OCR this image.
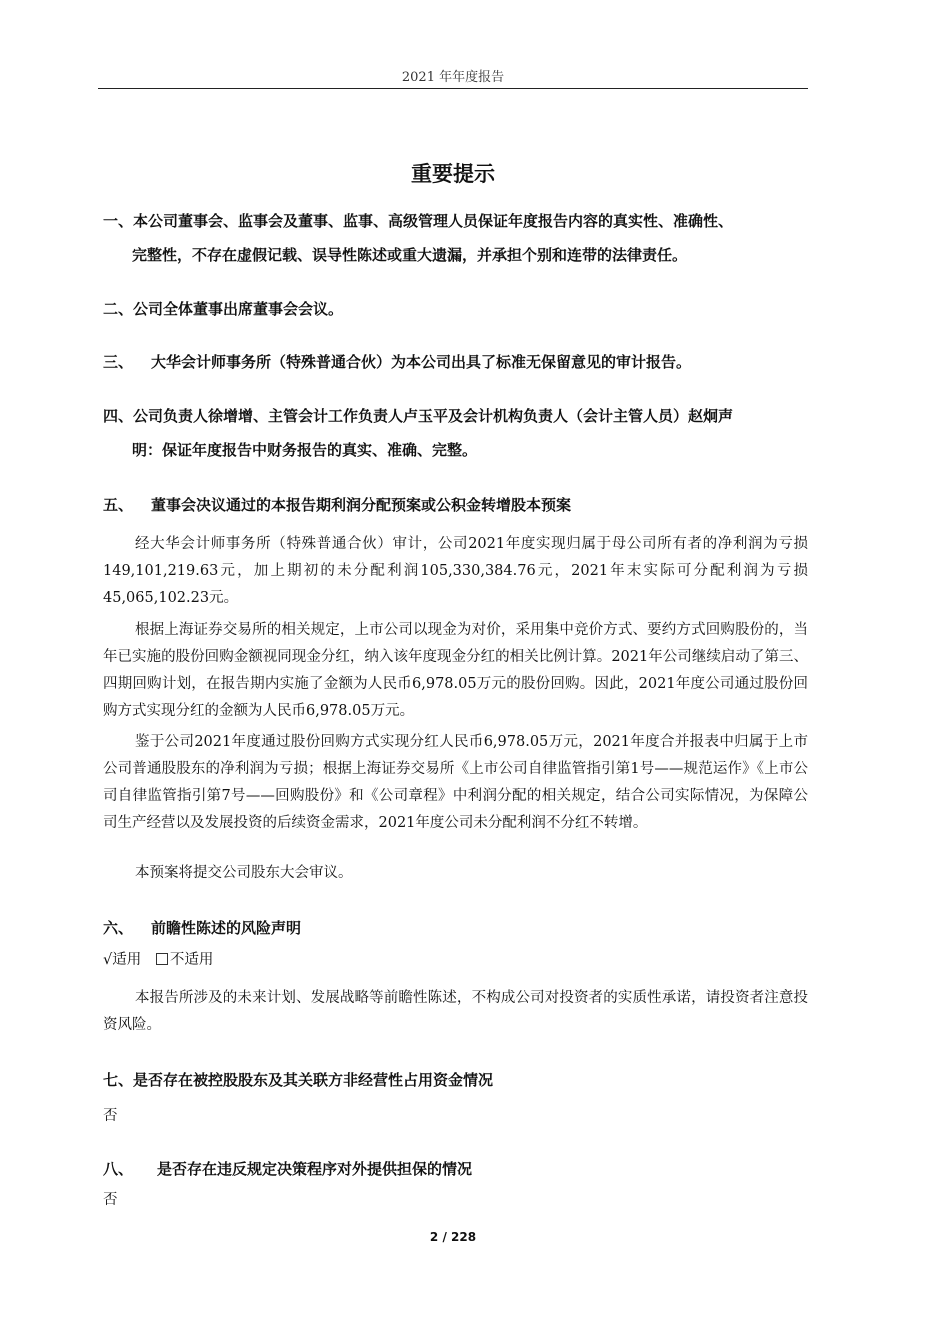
2021 年年度报告
重要提示
一、本公司董事会、监事会及董事、监事、高级管理人员保证年度报告内容的真实性、准确性、
完整性，不存在虚假记载、误导性陈述或重大遗漏，并承担个别和连带的法律责任。
二、公司全体董事出席董事会会议。
三、 大华会计师事务所（特殊普通合伙）为本公司出具了标准无保留意见的审计报告。
四、公司负责人徐增增、主管会计工作负责人卢玉平及会计机构负责人（会计主管人员）赵炯声
明：保证年度报告中财务报告的真实、准确、完整。
五、 董事会决议通过的本报告期利润分配预案或公积金转增股本预案
经大华会计师事务所（特殊普通合伙）审计，公司2021年度实现归属于母公司所有者的净利润为亏损149,101,219.63元，加上期初的未分配利润105,330,384.76元，2021年末实际可分配利润为亏损45,065,102.23元。
根据上海证券交易所的相关规定，上市公司以现金为对价，采用集中竞价方式、要约方式回购股份的，当年已实施的股份回购金额视同现金分红，纳入该年度现金分红的相关比例计算。2021年公司继续启动了第三、四期回购计划，在报告期内实施了金额为人民币6,978.05万元的股份回购。因此，2021年度公司通过股份回购方式实现分红的金额为人民币6,978.05万元。
鉴于公司2021年度通过股份回购方式实现分红人民币6,978.05万元，2021年度合并报表中归属于上市公司普通股股东的净利润为亏损；根据上海证券交易所《上市公司自律监管指引第1号——规范运作》《上市公司自律监管指引第7号——回购股份》和《公司章程》中利润分配的相关规定，结合公司实际情况，为保障公司生产经营以及发展投资的后续资金需求，2021年度公司未分配利润不分红不转增。
本预案将提交公司股东大会审议。
六、 前瞻性陈述的风险声明
√适用 不适用
本报告所涉及的未来计划、发展战略等前瞻性陈述，不构成公司对投资者的实质性承诺，请投资者注意投资风险。
七、是否存在被控股股东及其关联方非经营性占用资金情况
否
八、 是否存在违反规定决策程序对外提供担保的情况
否
2 / 228
